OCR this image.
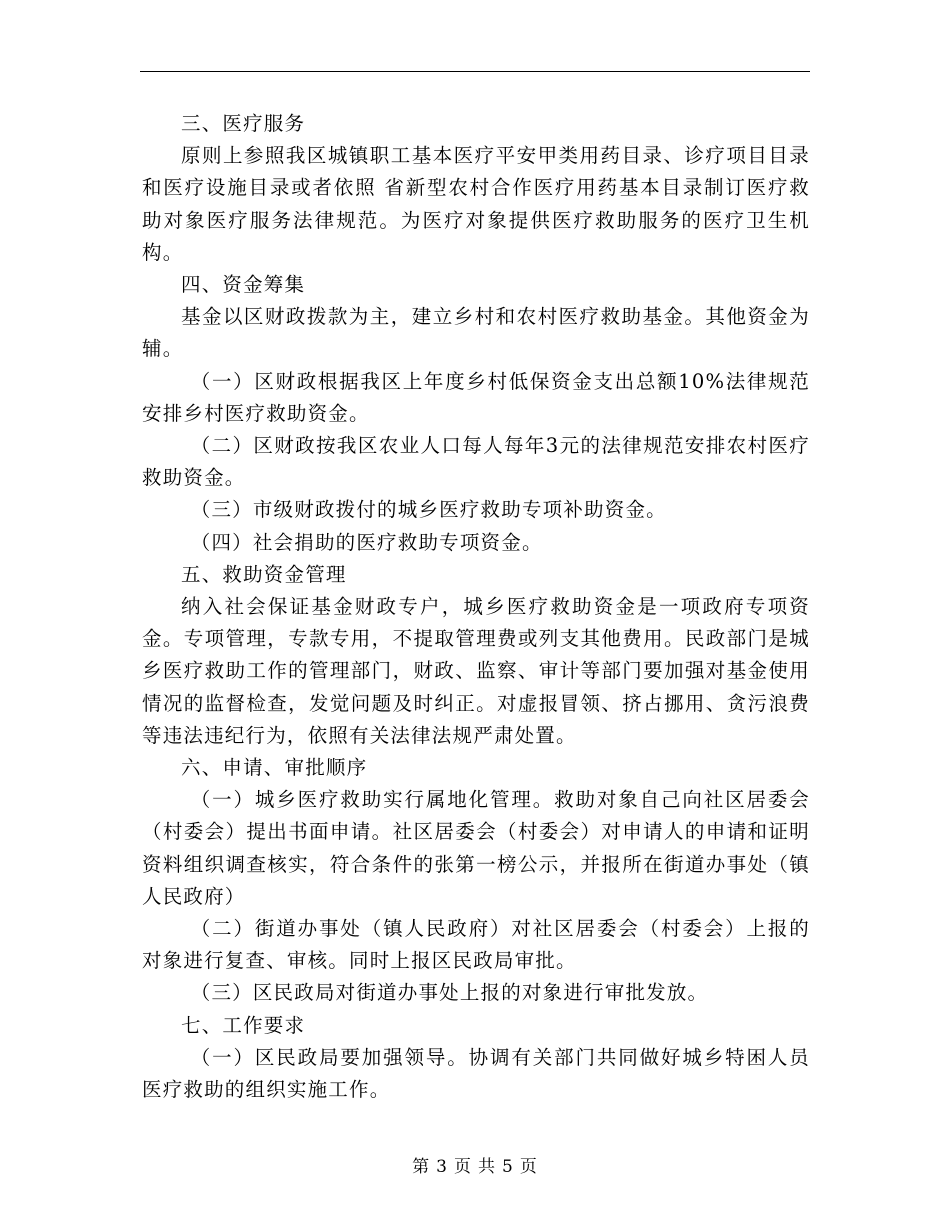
三、医疗服务

原则上参照我区城镇职工基本医疗平安甲类用药目录、诊疗项目目录和医疗设施目录或者依照 省新型农村合作医疗用药基本目录制订医疗救助对象医疗服务法律规范。为医疗对象提供医疗救助服务的医疗卫生机构。

四、资金筹集

基金以区财政拨款为主，建立乡村和农村医疗救助基金。其他资金为辅。

（一）区财政根据我区上年度乡村低保资金支出总额10%法律规范安排乡村医疗救助资金。

（二）区财政按我区农业人口每人每年3元的法律规范安排农村医疗救助资金。

（三）市级财政拨付的城乡医疗救助专项补助资金。

（四）社会捐助的医疗救助专项资金。

五、救助资金管理

纳入社会保证基金财政专户，城乡医疗救助资金是一项政府专项资金。专项管理，专款专用，不提取管理费或列支其他费用。民政部门是城乡医疗救助工作的管理部门，财政、监察、审计等部门要加强对基金使用情况的监督检查，发觉问题及时纠正。对虚报冒领、挤占挪用、贪污浪费等违法违纪行为，依照有关法律法规严肃处置。

六、申请、审批顺序

（一）城乡医疗救助实行属地化管理。救助对象自己向社区居委会（村委会）提出书面申请。社区居委会（村委会）对申请人的申请和证明资料组织调查核实，符合条件的张第一榜公示，并报所在街道办事处（镇人民政府）

（二）街道办事处（镇人民政府）对社区居委会（村委会）上报的对象进行复查、审核。同时上报区民政局审批。

（三）区民政局对街道办事处上报的对象进行审批发放。

七、工作要求

（一）区民政局要加强领导。协调有关部门共同做好城乡特困人员医疗救助的组织实施工作。

第 3 页 共 5 页
